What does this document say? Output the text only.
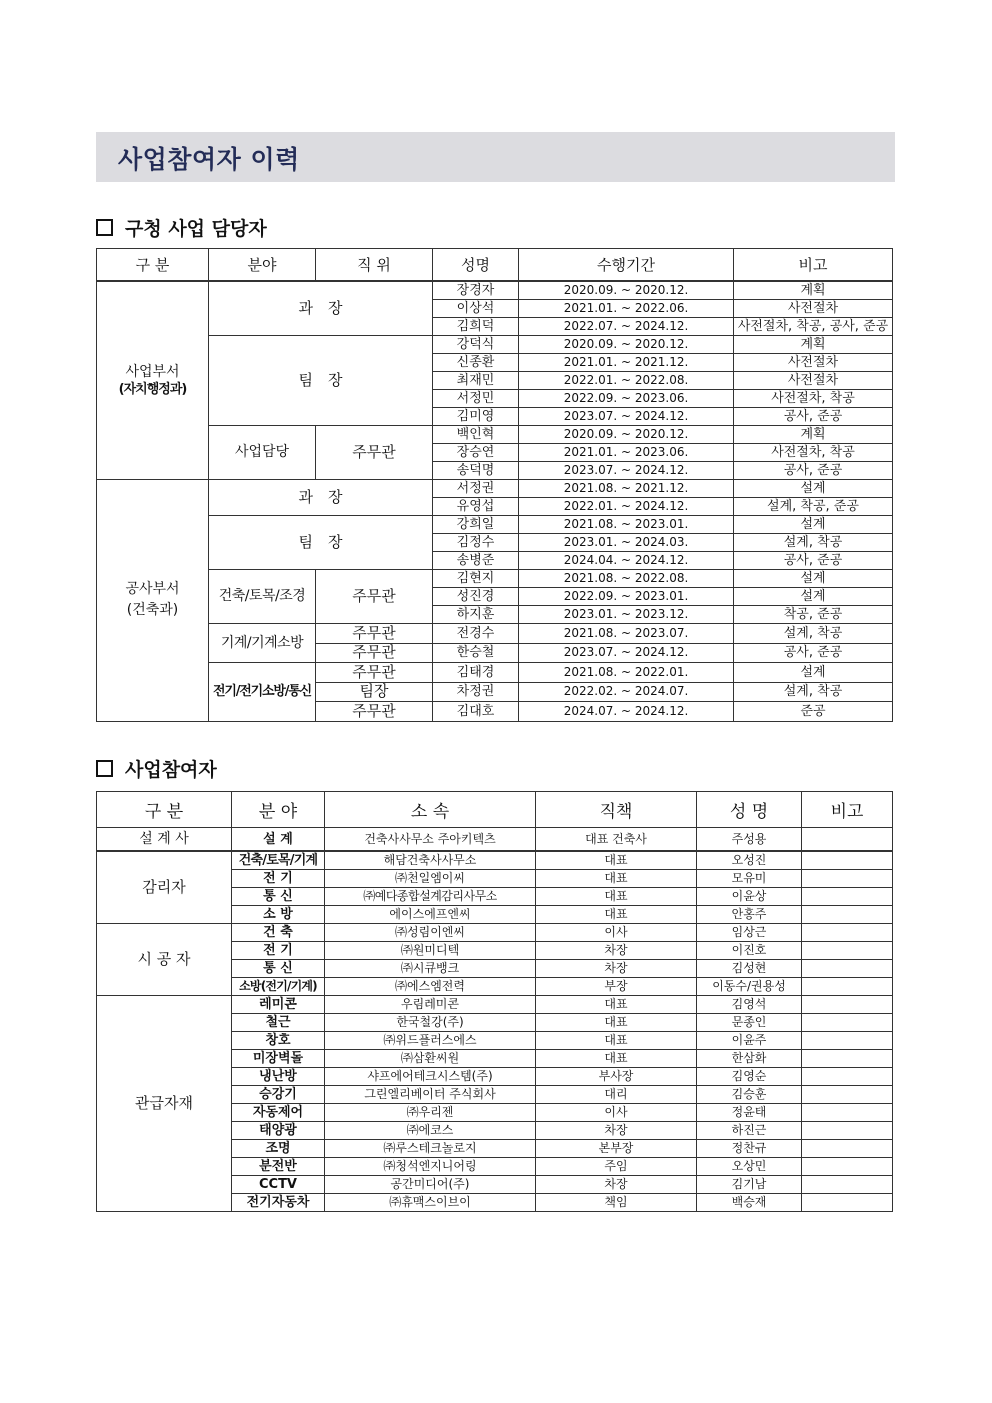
사업참여자 이력
구청 사업 담당자
구 분	분야	직 위	성명	수행기간	비고

사업부서
(자치행정과)	과　장		장경자	2020.09. ~ 2020.12.	계획
			이상석	2021.01. ~ 2022.06.	사전절차
			김희덕	2022.07. ~ 2024.12.	사전절차, 착공, 공사, 준공
	팀　장		강덕식	2020.09. ~ 2020.12.	계획
			신종환	2021.01. ~ 2021.12.	사전절차
			최재민	2022.01. ~ 2022.08.	사전절차
			서정민	2022.09. ~ 2023.06.	사전절차, 착공
			김미영	2023.07. ~ 2024.12.	공사, 준공
	사업담당	주무관	백인혁	2020.09. ~ 2020.12.	계획
			장승연	2021.01. ~ 2023.06.	사전절차, 착공
			송덕명	2023.07. ~ 2024.12.	공사, 준공

공사부서
(건축과)	과　장		서정권	2021.08. ~ 2021.12.	설계
			유영섭	2022.01. ~ 2024.12.	설계, 착공, 준공
	팀　장		강희일	2021.08. ~ 2023.01.	설계
			김정수	2023.01. ~ 2024.03.	설계, 착공
			송병준	2024.04. ~ 2024.12.	공사, 준공
	건축/토목/조경	주무관	김현지	2021.08. ~ 2022.08.	설계
			성진경	2022.09. ~ 2023.01.	설계
			하지훈	2023.01. ~ 2023.12.	착공, 준공
	기계/기계소방	주무관	전경수	2021.08. ~ 2023.07.	설계, 착공
		주무관	한승철	2023.07. ~ 2024.12.	공사, 준공
	전기/전기소방/통신	주무관	김태경	2021.08. ~ 2022.01.	설계
		팀장	차정권	2022.02. ~ 2024.07.	설계, 착공
		주무관	김대호	2024.07. ~ 2024.12.	준공
사업참여자
구 분	분 야	소 속	직책	성 명	비고
설 계 사	설 계	건축사사무소 주아키텍츠	대표 건축사	주성용	
감리자	건축/토목/기계	해담건축사사무소	대표	오성진	
	전 기	㈜천일엠이씨	대표	모유미	
	통 신	㈜예다종합설계감리사무소	대표	이윤상	
	소 방	에이스에프엔씨	대표	안홍주	
시 공 자	건 축	㈜성림이엔씨	이사	임상근	
	전 기	㈜원미디텍	차장	이진호	
	통 신	㈜시큐뱅크	차장	김성현	
	소방(전기/기계)	㈜에스엠전력	부장	이동수/권용성	
관급자재	레미콘	우림레미콘	대표	김영석	
	철근	한국철강(주)	대표	문종인	
	창호	㈜위드플러스에스	대표	이윤주	
	미장벽돌	㈜삼환씨원	대표	한삼화	
	냉난방	샤프에어테크시스템(주)	부사장	김영순	
	승강기	그린엘리베이터 주식회사	대리	김승훈	
	자동제어	㈜우리젠	이사	정윤태	
	태양광	㈜에코스	차장	하진근	
	조명	㈜루스테크놀로지	본부장	정찬규	
	분전반	㈜청석엔지니어링	주임	오상민	
	CCTV	공간미디어(주)	차장	김기남	
	전기자동차	㈜휴맥스이브이	책임	백승재	
